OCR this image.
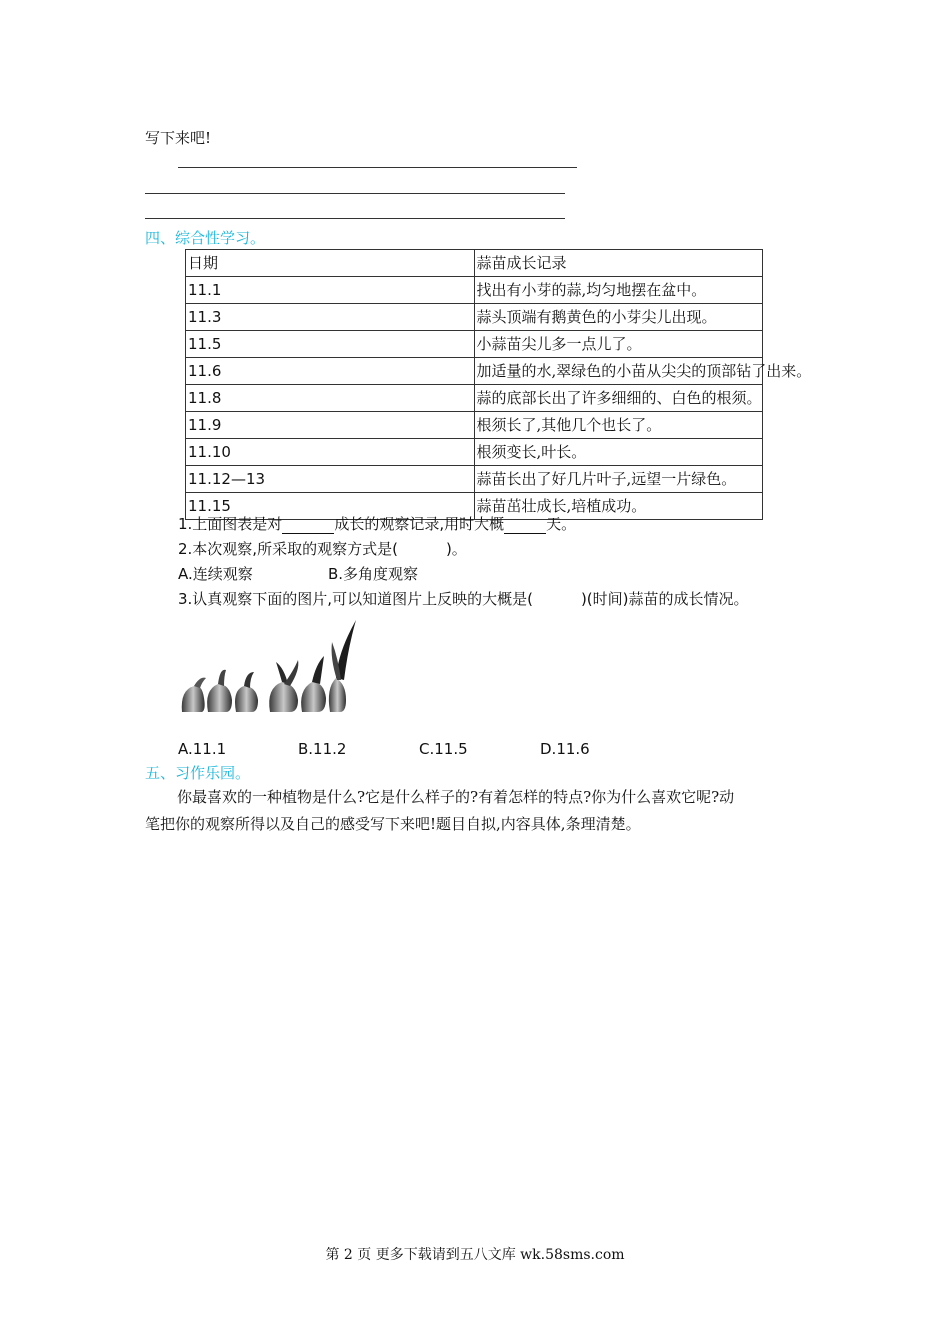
写下来吧!
四、综合性学习。
日期	蒜苗成长记录
11.1	找出有小芽的蒜,均匀地摆在盆中。
11.3	蒜头顶端有鹅黄色的小芽尖儿出现。
11.5	小蒜苗尖儿多一点儿了。
11.6	加适量的水,翠绿色的小苗从尖尖的顶部钻了出来。
11.8	蒜的底部长出了许多细细的、白色的根须。
11.9	根须长了,其他几个也长了。
11.10	根须变长,叶长。
11.12—13	蒜苗长出了好几片叶子,远望一片绿色。
11.15	蒜苗茁壮成长,培植成功。
1.上面图表是对	成长的观察记录,用时大概	天。
2.本次观察,所采取的观察方式是(	)。
A.连续观察	B.多角度观察
3.认真观察下面的图片,可以知道图片上反映的大概是(	)(时间)蒜苗的成长情况。
A.11.1	B.11.2	C.11.5	D.11.6
五、习作乐园。
你最喜欢的一种植物是什么?它是什么样子的?有着怎样的特点?你为什么喜欢它呢?动
笔把你的观察所得以及自己的感受写下来吧!题目自拟,内容具体,条理清楚。
第 2 页 更多下载请到五八文库 wk.58sms.com
